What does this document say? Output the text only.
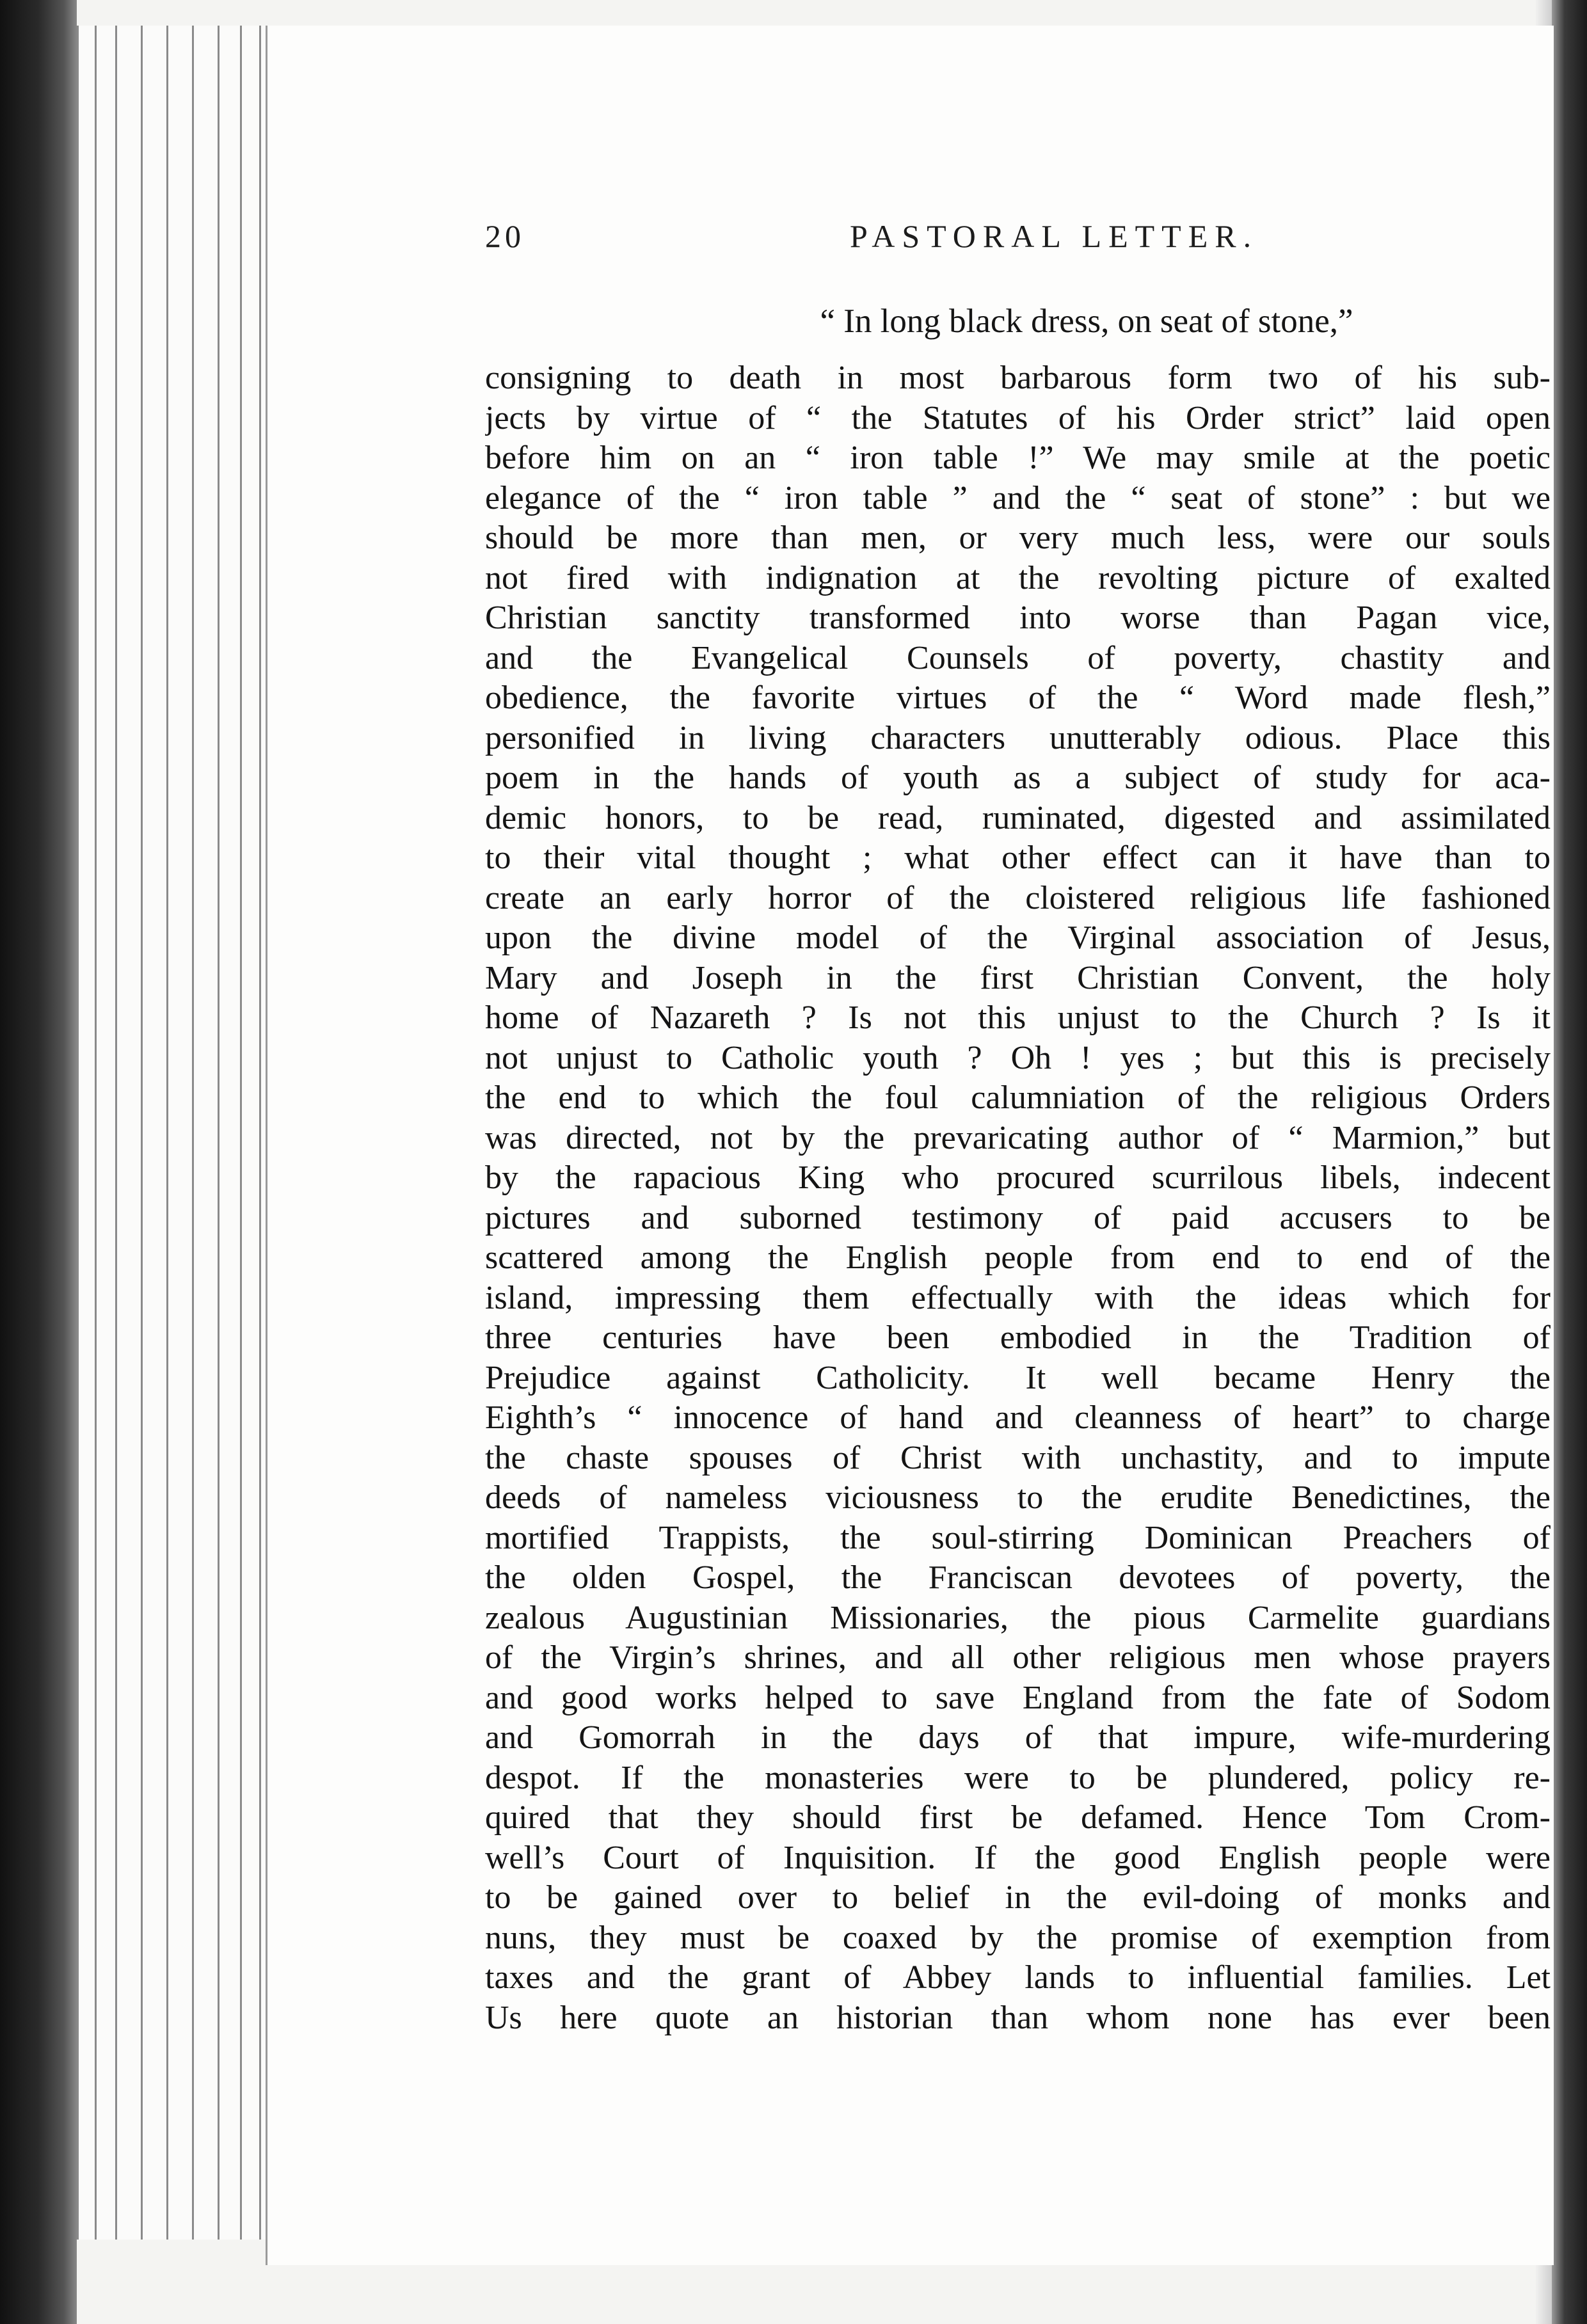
20	PASTORAL LETTER.
“ In long black dress, on seat of stone,”
consigning to death in most barbarous form two of his sub-
jects by virtue of “ the Statutes of his Order strict” laid open
before him on an “ iron table !” We may smile at the poetic
elegance of the “ iron table ” and the “ seat of stone” : but we
should be more than men, or very much less, were our souls
not fired with indignation at the revolting picture of exalted
Christian sanctity transformed into worse than Pagan vice,
and the Evangelical Counsels of poverty, chastity and
obedience, the favorite virtues of the “ Word made flesh,”
personified in living characters unutterably odious. Place this
poem in the hands of youth as a subject of study for aca-
demic honors, to be read, ruminated, digested and assimilated
to their vital thought ; what other effect can it have than to
create an early horror of the cloistered religious life fashioned
upon the divine model of the Virginal association of Jesus,
Mary and Joseph in the first Christian Convent, the holy
home of Nazareth ? Is not this unjust to the Church ? Is it
not unjust to Catholic youth ? Oh ! yes ; but this is precisely
the end to which the foul calumniation of the religious Orders
was directed, not by the prevaricating author of “ Marmion,” but
by the rapacious King who procured scurrilous libels, indecent
pictures and suborned testimony of paid accusers to be
scattered among the English people from end to end of the
island, impressing them effectually with the ideas which for
three centuries have been embodied in the Tradition of
Prejudice against Catholicity. It well became Henry the
Eighth’s “ innocence of hand and cleanness of heart” to charge
the chaste spouses of Christ with unchastity, and to impute
deeds of nameless viciousness to the erudite Benedictines, the
mortified Trappists, the soul-stirring Dominican Preachers of
the olden Gospel, the Franciscan devotees of poverty, the
zealous Augustinian Missionaries, the pious Carmelite guardians
of the Virgin’s shrines, and all other religious men whose prayers
and good works helped to save England from the fate of Sodom
and Gomorrah in the days of that impure, wife-murdering
despot. If the monasteries were to be plundered, policy re-
quired that they should first be defamed. Hence Tom Crom-
well’s Court of Inquisition. If the good English people were
to be gained over to belief in the evil-doing of monks and
nuns, they must be coaxed by the promise of exemption from
taxes and the grant of Abbey lands to influential families. Let
Us here quote an historian than whom none has ever been
